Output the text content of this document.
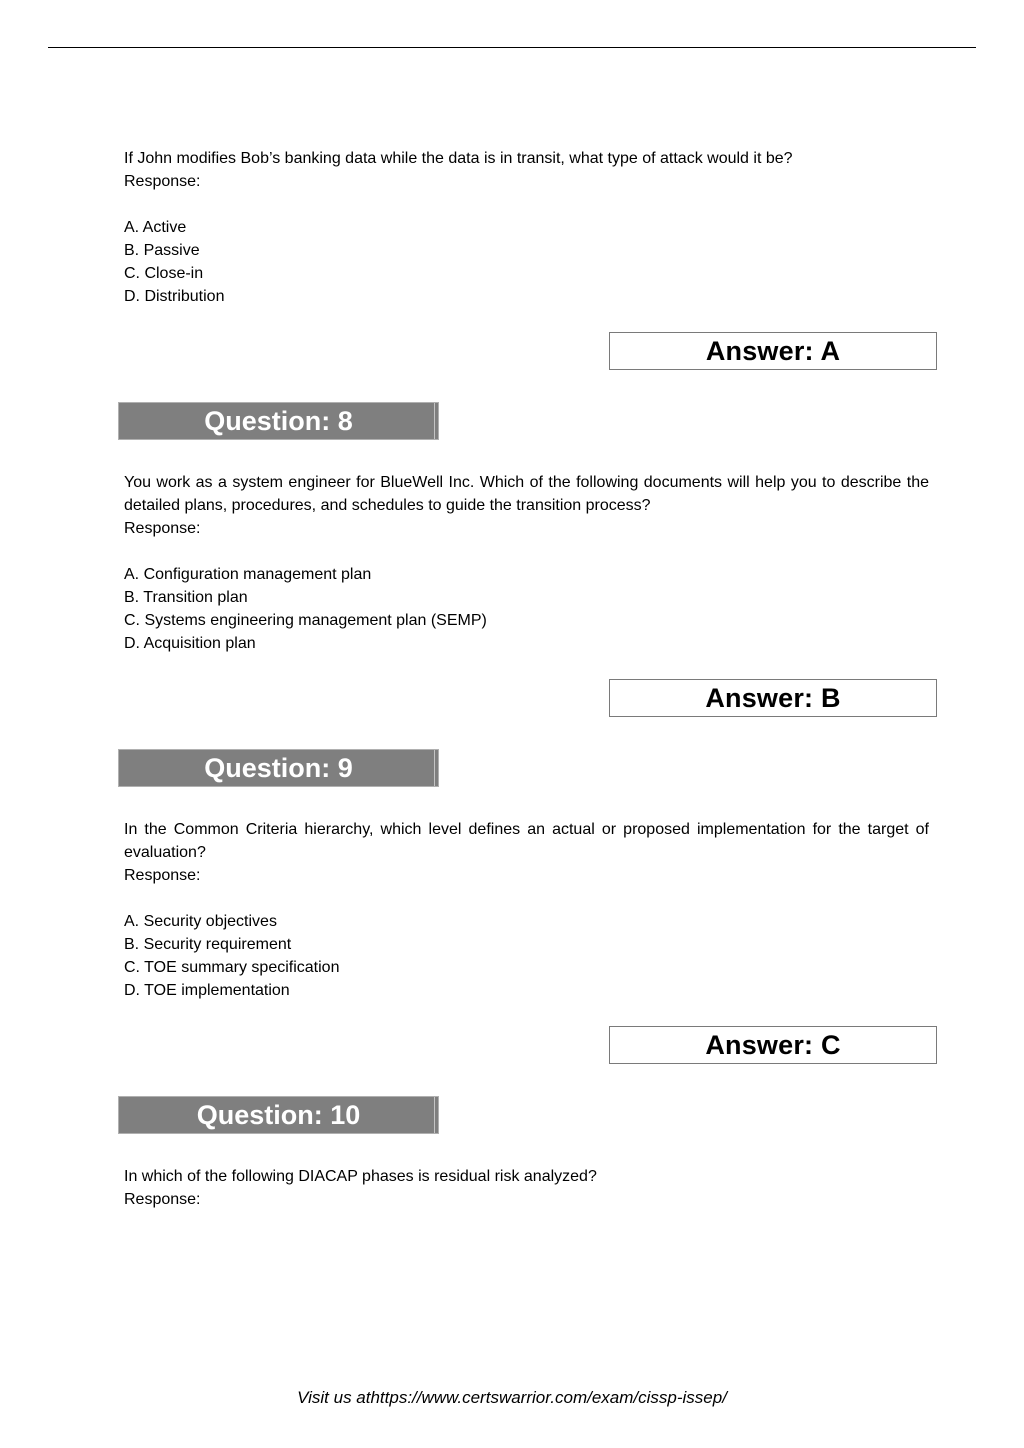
If John modifies Bob’s banking data while the data is in transit, what type of attack would it be?

Response:

A. Active
B. Passive
C. Close-in
D. Distribution
Answer: A
Question: 8

You work as a system engineer for BlueWell Inc. Which of the following documents will help you to describe the detailed plans, procedures, and schedules to guide the transition process?

Response:

A. Configuration management plan
B. Transition plan
C. Systems engineering management plan (SEMP)
D. Acquisition plan
Answer: B
Question: 9

In the Common Criteria hierarchy, which level defines an actual or proposed implementation for the target of evaluation?

Response:

A. Security objectives
B. Security requirement
C. TOE summary specification
D. TOE implementation
Answer: C
Question: 10

In which of the following DIACAP phases is residual risk analyzed?

Response:

Visit us athttps://www.certswarrior.com/exam/cissp-issep/
